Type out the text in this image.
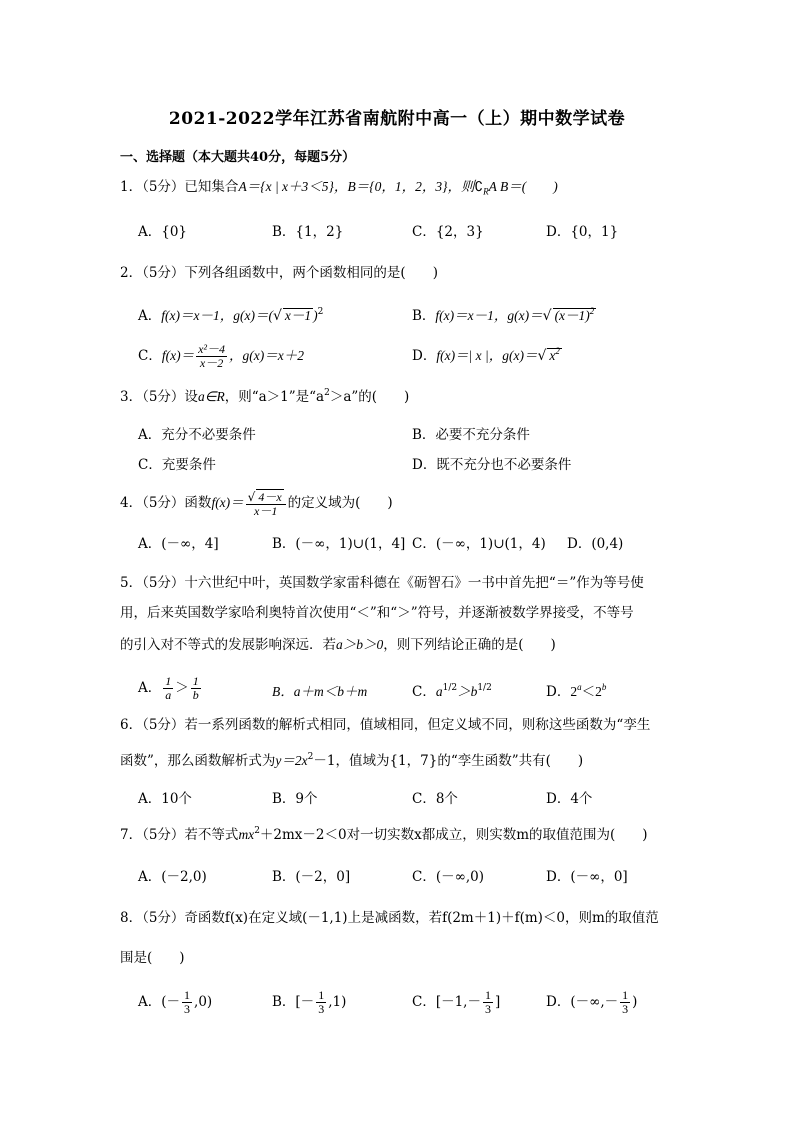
2021-2022学年江苏省南航附中高一（上）期中数学试卷
一、选择题（本大题共40分，每题5分）
1．（5分）已知集合A＝{x | x＋3＜5}，B＝{0，1，2，3}，则$∁_RA$ B＝(　　)
A．{0}	B．{1，2}	C．{2，3}	D．{0，1}
2．（5分）下列各组函数中，两个函数相同的是(　　)
A．f(x)＝x－1，g(x)＝(√ x－1 )$^2$	B．f(x)＝x－1，g(x)＝√ $(x-1)^2$
C．$f(x)= \frac{\text{x²－4}}{x-2}$ ，g(x)＝x＋2	D．f(x)＝| x |，g(x)＝√ $x^2$
3．（5分）设a∈R，则“a＞1”是“$a^2>a$”的(　　)
A．充分不必要条件	B．必要不充分条件
C．充要条件	D．既不充分也不必要条件
4．（5分）函数$f(x)= \frac{√ 4-x}{x-1}$ 的定义域为(　　)
A．(－∞，4]	B．(－∞，1)∪(1，4] C．(－∞，1)∪(1，4) D．(0,4)
5．（5分）十六世纪中叶，英国数学家雷科德在《砺智石》一书中首先把“＝”作为等号使
用，后来英国数学家哈利奥特首次使用“＜”和“＞”符号，并逐渐被数学界接受，不等号
的引入对不等式的发展影响深远．若a＞b＞0，则下列结论正确的是(　　)
A． $\frac{1}{a} > \frac{1}{b}$	B．a＋m＜b＋m	C．$a^{1/2}>b^{1/2}$	D．$2^a<2^b$
6．（5分）若一系列函数的解析式相同，值域相同，但定义域不同，则称这些函数为“孪生
函数”，那么函数解析式为$y=2x^2-1$，值域为{1，7}的“孪生函数”共有(　　)
A．10个	B．9个	C．8个	D．4个
7．（5分）若不等式$mx^2+2mx-2<0$对一切实数x都成立，则实数m的取值范围为(　　)
A．(－2,0)	B．(－2，0]	C．(－∞,0)	D．(－∞，0]
8．（5分）奇函数f(x)在定义域(－1,1)上是减函数，若f(2m＋1)＋f(m)＜0，则m的取值范
围是(　　)
A．(－ $\frac{1}{3} ,0$)	B．[－ $\frac{1}{3} ,1$)	C．[$-1,- \frac{1}{3}$ ]	D．(－∞,－ $\frac{1}{3}$ )
